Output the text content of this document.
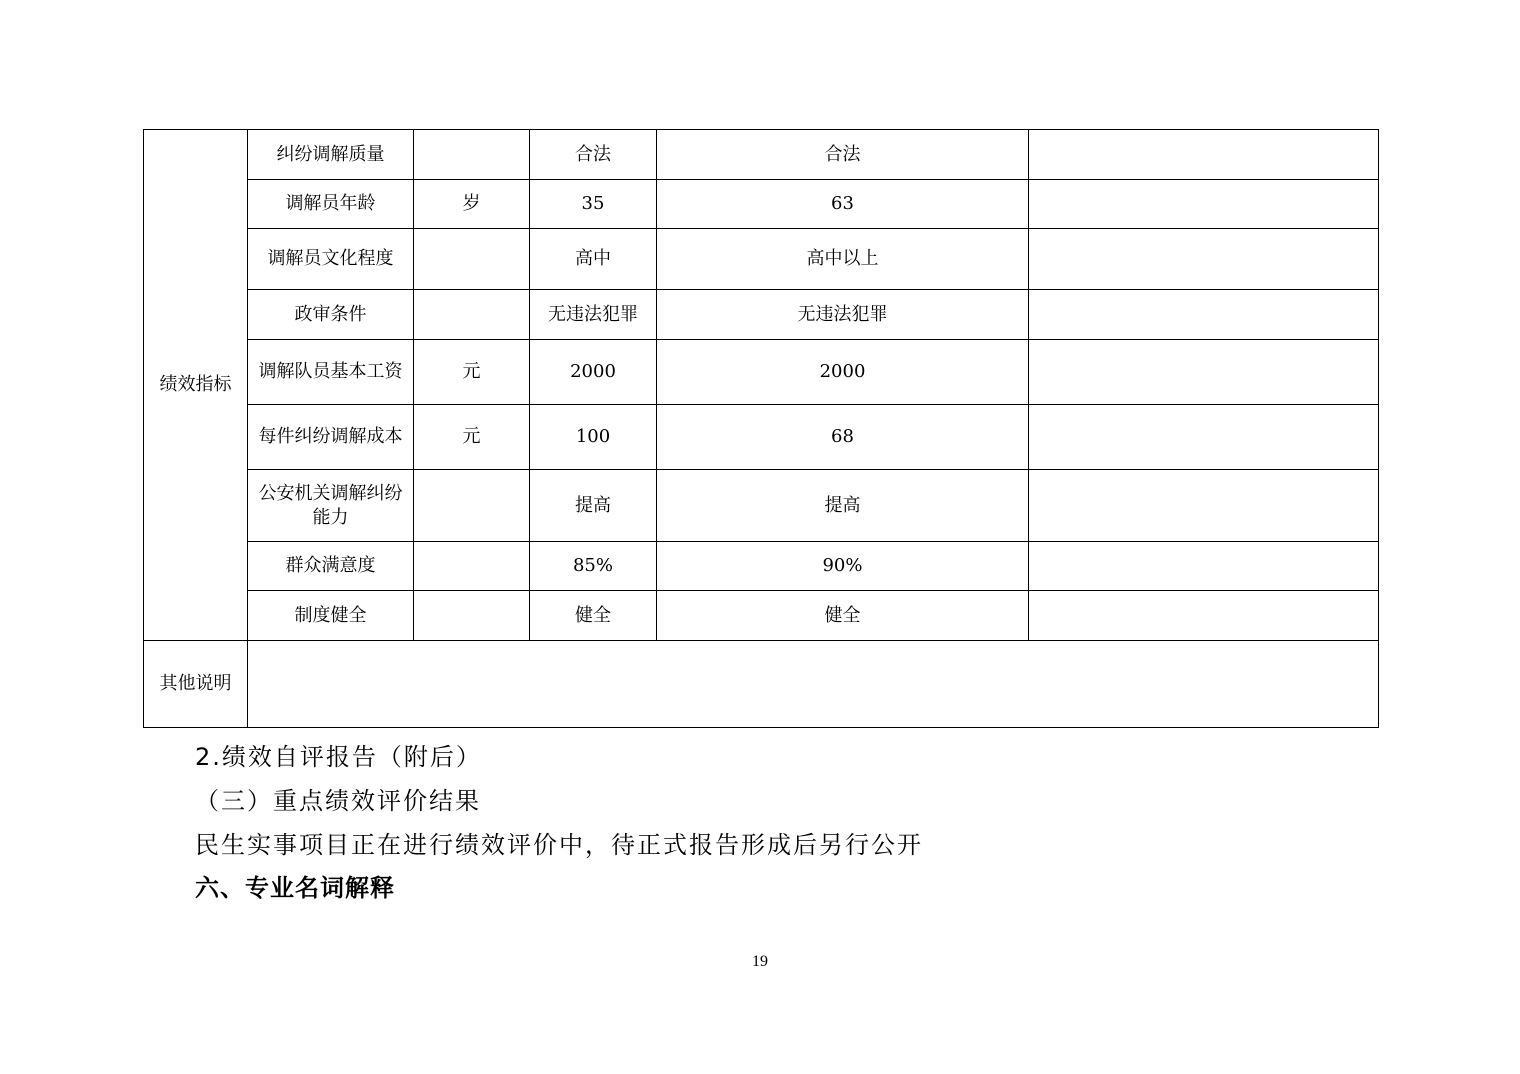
绩效指标	纠纷调解质量		合法	合法	
	调解员年龄	岁	35	63	
	调解员文化程度		高中	高中以上	
	政审条件		无违法犯罪	无违法犯罪	
	调解队员基本工资	元	2000	2000	
	每件纠纷调解成本	元	100	68	
	公安机关调解纠纷能力		提高	提高	
	群众满意度		85%	90%	
	制度健全		健全	健全	
其他说明					
2.绩效自评报告（附后）
（三）重点绩效评价结果
民生实事项目正在进行绩效评价中，待正式报告形成后另行公开
六、专业名词解释
19
